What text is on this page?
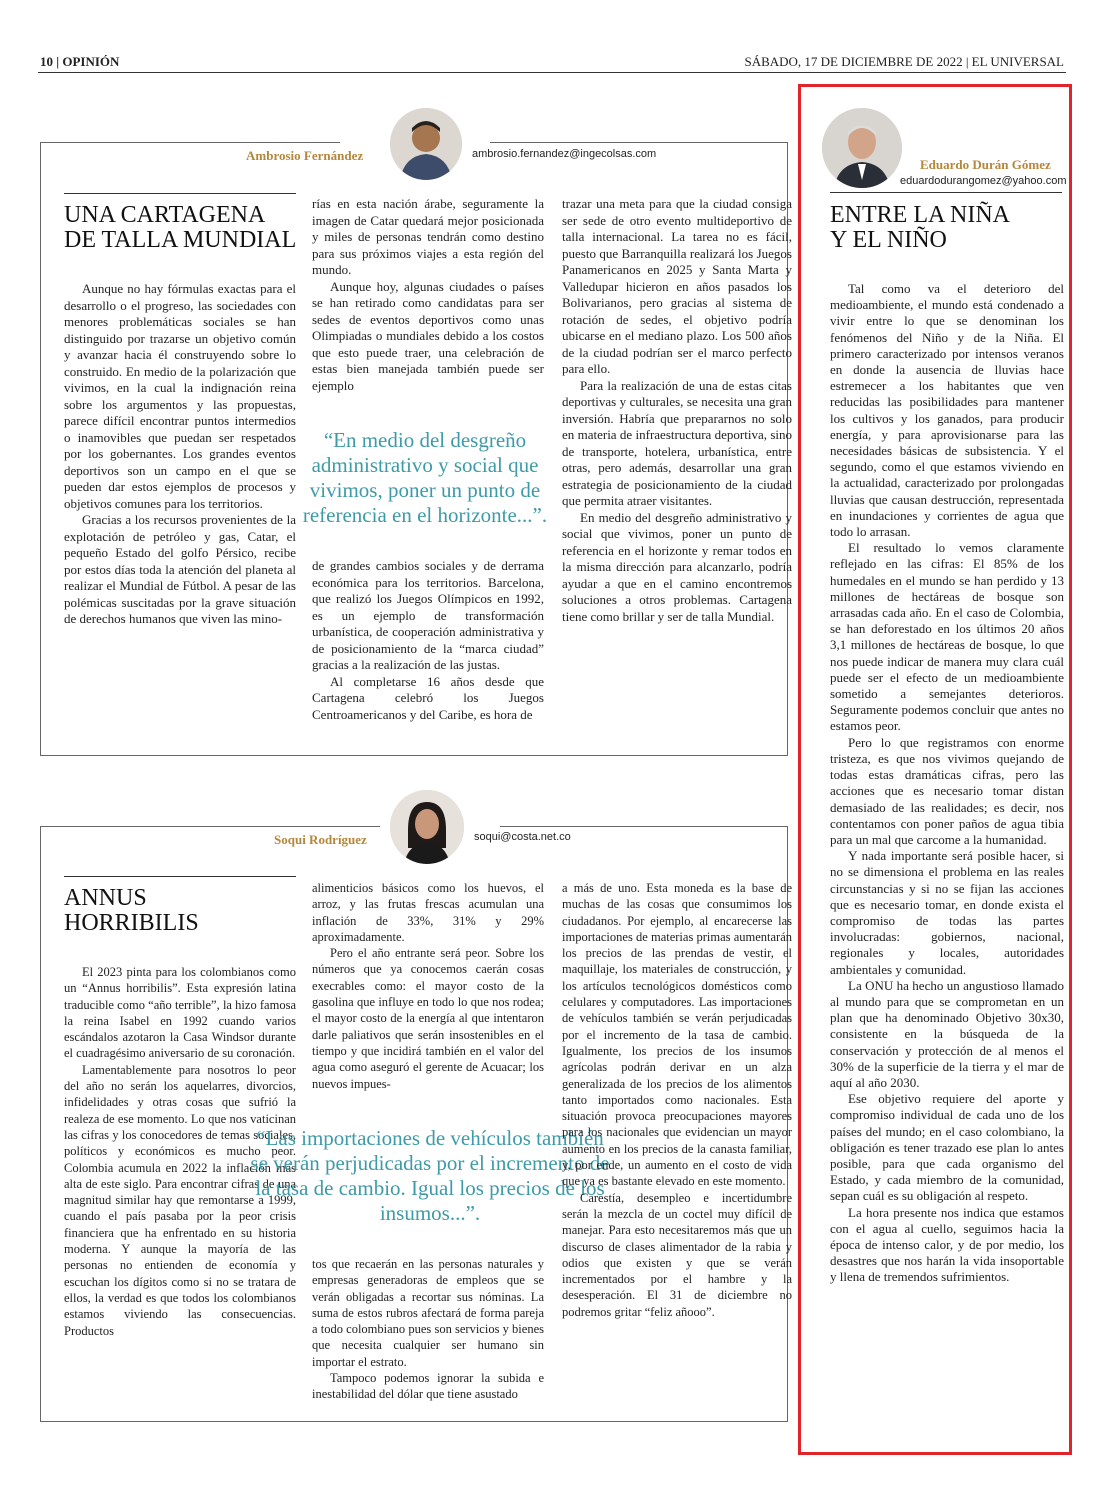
10 | OPINIÓN	SÁBADO, 17 DE DICIEMBRE DE 2022 | EL UNIVERSAL
Ambrosio Fernández	ambrosio.fernandez@ingecolsas.com
UNA CARTAGENA
DE TALLA MUNDIAL

Aunque no hay fórmulas exactas para el desarrollo o el progreso, las sociedades con menores problemáticas sociales se han distinguido por trazarse un objetivo común y avanzar hacia él construyendo sobre lo construido. En medio de la polarización que vivimos, en la cual la indignación reina sobre los argumentos y las propuestas, parece difícil encontrar puntos intermedios o inamovibles que puedan ser respetados por los gobernantes. Los grandes eventos deportivos son un campo en el que se pueden dar estos ejemplos de procesos y objetivos comunes para los territorios.

Gracias a los recursos provenientes de la explotación de petróleo y gas, Catar, el pequeño Estado del golfo Pérsico, recibe por estos días toda la atención del planeta al realizar el Mundial de Fútbol. A pesar de las polémicas suscitadas por la grave situación de derechos humanos que viven las mino-

rías en esta nación árabe, seguramente la imagen de Catar quedará mejor posicionada y miles de personas tendrán como destino para sus próximos viajes a esta región del mundo.

Aunque hoy, algunas ciudades o países se han retirado como candidatas para ser sedes de eventos deportivos como unas Olimpiadas o mundiales debido a los costos que esto puede traer, una celebración de estas bien manejada también puede ser ejemplo

“En medio del desgreño administrativo y social que vivimos, poner un punto de referencia en el horizonte...”.

de grandes cambios sociales y de derrama económica para los territorios. Barcelona, que realizó los Juegos Olímpicos en 1992, es un ejemplo de transformación urbanística, de cooperación administrativa y de posicionamiento de la “marca ciudad” gracias a la realización de las justas.

Al completarse 16 años desde que Cartagena celebró los Juegos Centroamericanos y del Caribe, es hora de

trazar una meta para que la ciudad consiga ser sede de otro evento multideportivo de talla internacional. La tarea no es fácil, puesto que Barranquilla realizará los Juegos Panamericanos en 2025 y Santa Marta y Valledupar hicieron en años pasados los Bolivarianos, pero gracias al sistema de rotación de sedes, el objetivo podría ubicarse en el mediano plazo. Los 500 años de la ciudad podrían ser el marco perfecto para ello.

Para la realización de una de estas citas deportivas y culturales, se necesita una gran inversión. Habría que prepararnos no solo en materia de infraestructura deportiva, sino de transporte, hotelera, urbanística, entre otras, pero además, desarrollar una gran estrategia de posicionamiento de la ciudad que permita atraer visitantes.

En medio del desgreño administrativo y social que vivimos, poner un punto de referencia en el horizonte y remar todos en la misma dirección para alcanzarlo, podría ayudar a que en el camino encontremos soluciones a otros problemas. Cartagena tiene como brillar y ser de talla Mundial.

Soqui Rodríguez	soqui@costa.net.co
ANNUS
HORRIBILIS

El 2023 pinta para los colombianos como un “Annus horribilis”. Esta expresión latina traducible como “año terrible”, la hizo famosa la reina Isabel en 1992 cuando varios escándalos azotaron la Casa Windsor durante el cuadragésimo aniversario de su coronación.

Lamentablemente para nosotros lo peor del año no serán los aquelarres, divorcios, infidelidades y otras cosas que sufrió la realeza de ese momento. Lo que nos vaticinan las cifras y los conocedores de temas sociales, políticos y económicos es mucho peor. Colombia acumula en 2022 la inflación más alta de este siglo. Para encontrar cifras de una magnitud similar hay que remontarse a 1999, cuando el país pasaba por la peor crisis financiera que ha enfrentado en su historia moderna. Y aunque la mayoría de las personas no entienden de economía y escuchan los dígitos como si no se tratara de ellos, la verdad es que todos los colombianos estamos viviendo las consecuencias. Productos

alimenticios básicos como los huevos, el arroz, y las frutas frescas acumulan una inflación de 33%, 31% y 29% aproximadamente.

Pero el año entrante será peor. Sobre los números que ya conocemos caerán cosas execrables como: el mayor costo de la gasolina que influye en todo lo que nos rodea; el mayor costo de la energía al que intentaron darle paliativos que serán insostenibles en el tiempo y que incidirá también en el valor del agua como aseguró el gerente de Acuacar; los nuevos impues-

“Las importaciones de vehículos también se verán perjudicadas por el incremento de la tasa de cambio. Igual los precios de los insumos...”.

tos que recaerán en las personas naturales y empresas generadoras de empleos que se verán obligadas a recortar sus nóminas. La suma de estos rubros afectará de forma pareja a todo colombiano pues son servicios y bienes que necesita cualquier ser humano sin importar el estrato.

Tampoco podemos ignorar la subida e inestabilidad del dólar que tiene asustado

a más de uno. Esta moneda es la base de muchas de las cosas que consumimos los ciudadanos. Por ejemplo, al encarecerse las importaciones de materias primas aumentarán los precios de las prendas de vestir, el maquillaje, los materiales de construcción, y los artículos tecnológicos domésticos como celulares y computadores. Las importaciones de vehículos también se verán perjudicadas por el incremento de la tasa de cambio. Igualmente, los precios de los insumos agrícolas podrán derivar en un alza generalizada de los precios de los alimentos tanto importados como nacionales. Esta situación provoca preocupaciones mayores para los nacionales que evidencian un mayor aumento en los precios de la canasta familiar, y, por ende, un aumento en el costo de vida que ya es bastante elevado en este momento.

Carestía, desempleo e incertidumbre serán la mezcla de un coctel muy difícil de manejar. Para esto necesitaremos más que un discurso de clases alimentador de la rabia y odios que existen y que se verán incrementados por el hambre y la desesperación. El 31 de diciembre no podremos gritar “feliz añooo”.

Eduardo Durán Gómez
eduardodurangomez@yahoo.com
ENTRE LA NIÑA
Y EL NIÑO

Tal como va el deterioro del medioambiente, el mundo está condenado a vivir entre lo que se denominan los fenómenos del Niño y de la Niña. El primero caracterizado por intensos veranos en donde la ausencia de lluvias hace estremecer a los habitantes que ven reducidas las posibilidades para mantener los cultivos y los ganados, para producir energía, y para aprovisionarse para las necesidades básicas de subsistencia. Y el segundo, como el que estamos viviendo en la actualidad, caracterizado por prolongadas lluvias que causan destrucción, representada en inundaciones y corrientes de agua que todo lo arrasan.

El resultado lo vemos claramente reflejado en las cifras: El 85% de los humedales en el mundo se han perdido y 13 millones de hectáreas de bosque son arrasadas cada año. En el caso de Colombia, se han deforestado en los últimos 20 años 3,1 millones de hectáreas de bosque, lo que nos puede indicar de manera muy clara cuál puede ser el efecto de un medioambiente sometido a semejantes deterioros. Seguramente podemos concluir que antes no estamos peor.

Pero lo que registramos con enorme tristeza, es que nos vivimos quejando de todas estas dramáticas cifras, pero las acciones que es necesario tomar distan demasiado de las realidades; es decir, nos contentamos con poner paños de agua tibia para un mal que carcome a la humanidad.

Y nada importante será posible hacer, si no se dimensiona el problema en las reales circunstancias y si no se fijan las acciones que es necesario tomar, en donde exista el compromiso de todas las partes involucradas: gobiernos, nacional, regionales y locales, autoridades ambientales y comunidad.

La ONU ha hecho un angustioso llamado al mundo para que se comprometan en un plan que ha denominado Objetivo 30x30, consistente en la búsqueda de la conservación y protección de al menos el 30% de la superficie de la tierra y el mar de aquí al año 2030.

Ese objetivo requiere del aporte y compromiso individual de cada uno de los países del mundo; en el caso colombiano, la obligación es tener trazado ese plan lo antes posible, para que cada organismo del Estado, y cada miembro de la comunidad, sepan cuál es su obligación al respeto.

La hora presente nos indica que estamos con el agua al cuello, seguimos hacia la época de intenso calor, y de por medio, los desastres que nos harán la vida insoportable y llena de tremendos sufrimientos.
